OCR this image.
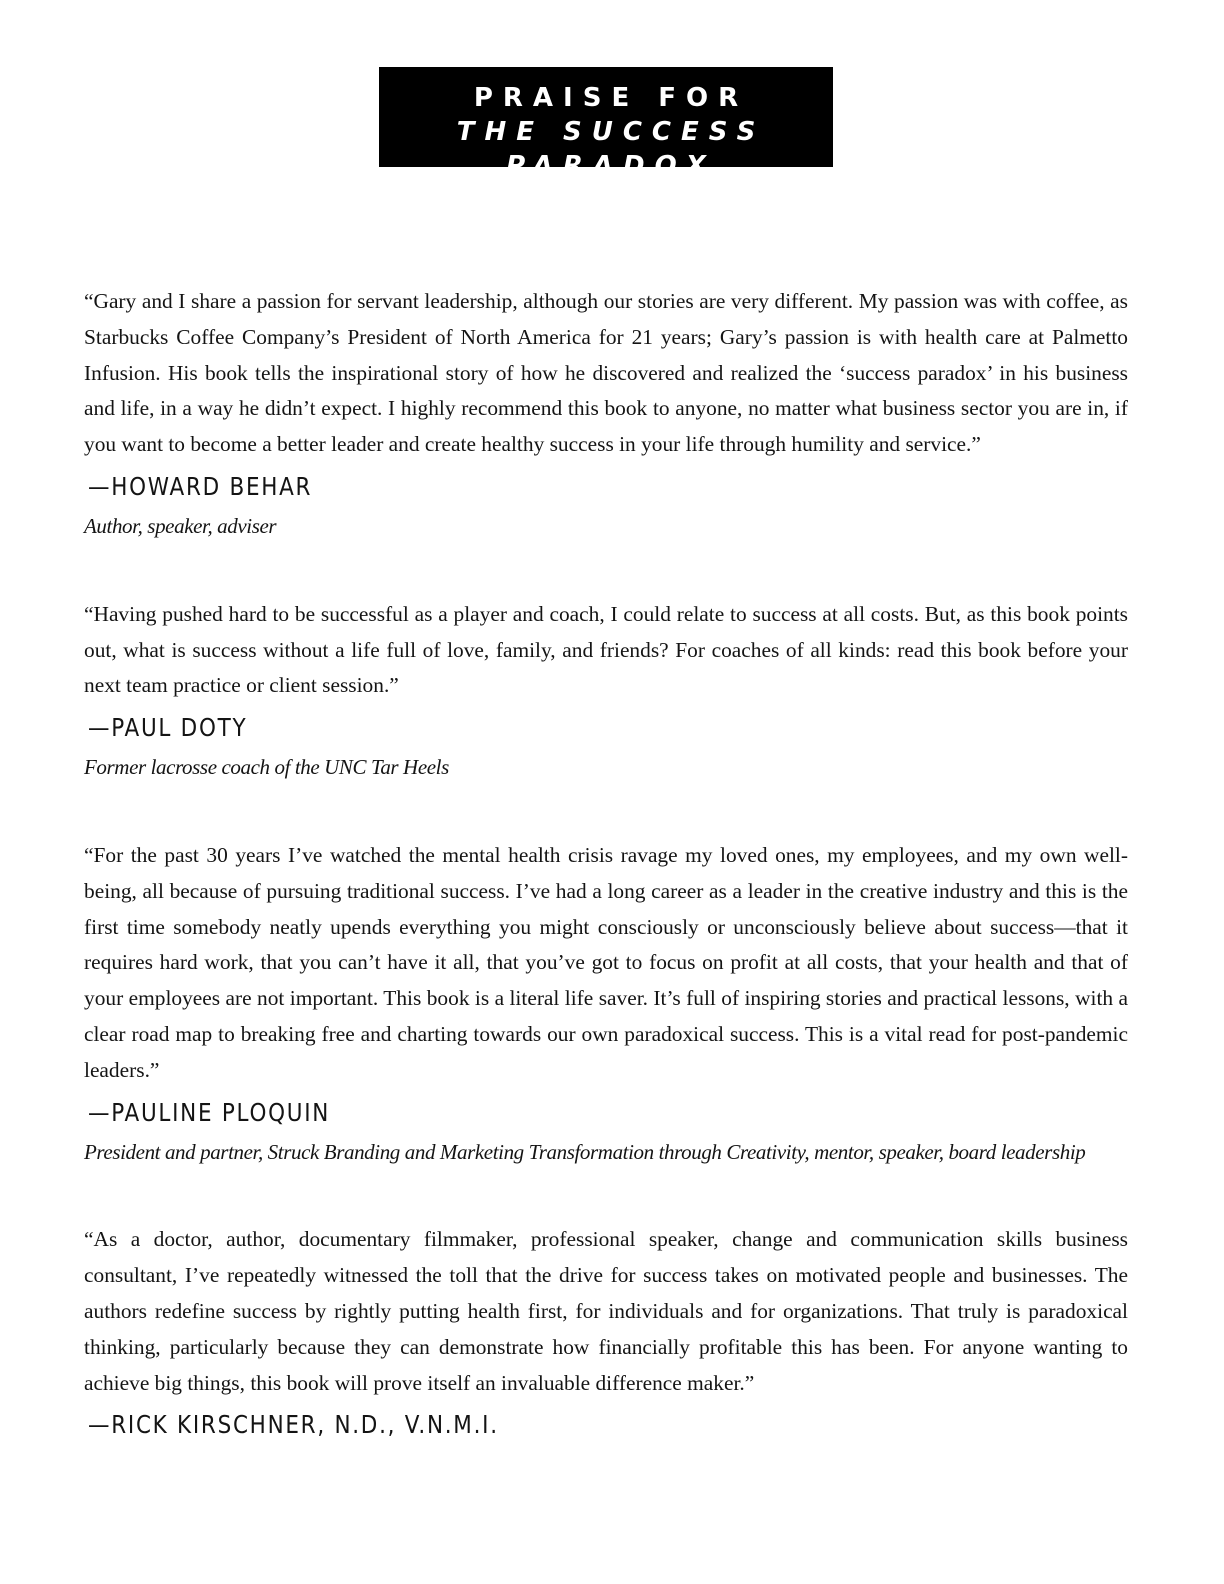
PRAISE FOR
THE SUCCESS PARADOX

“Gary and I share a passion for servant leadership, although our stories are very different. My passion was with coffee, as Starbucks Coffee Company’s President of North America for 21 years; Gary’s passion is with health care at Palmetto Infusion. His book tells the inspirational story of how he discovered and realized the ‘success paradox’ in his business and life, in a way he didn’t expect. I highly recommend this book to anyone, no matter what business sector you are in, if you want to become a better leader and create healthy success in your life through humility and service.”

—HOWARD BEHAR
Author, speaker, adviser

“Having pushed hard to be successful as a player and coach, I could relate to success at all costs. But, as this book points out, what is success without a life full of love, family, and friends? For coaches of all kinds: read this book before your next team practice or client session.”

—PAUL DOTY
Former lacrosse coach of the UNC Tar Heels

“For the past 30 years I’ve watched the mental health crisis ravage my loved ones, my employees, and my own well-being, all because of pursuing traditional success. I’ve had a long career as a leader in the creative industry and this is the first time somebody neatly upends everything you might consciously or unconsciously believe about success—that it requires hard work, that you can’t have it all, that you’ve got to focus on profit at all costs, that your health and that of your employees are not important. This book is a literal life saver. It’s full of inspiring stories and practical lessons, with a clear road map to breaking free and charting towards our own paradoxical success. This is a vital read for post-pandemic leaders.”

—PAULINE PLOQUIN
President and partner, Struck Branding and Marketing Transformation through Creativity, mentor, speaker, board leadership

“As a doctor, author, documentary filmmaker, professional speaker, change and communication skills business consultant, I’ve repeatedly witnessed the toll that the drive for success takes on motivated people and businesses. The authors redefine success by rightly putting health first, for individuals and for organizations. That truly is paradoxical thinking, particularly because they can demonstrate how financially profitable this has been. For anyone wanting to achieve big things, this book will prove itself an invaluable difference maker.”

—RICK KIRSCHNER, N.D., V.N.M.I.
